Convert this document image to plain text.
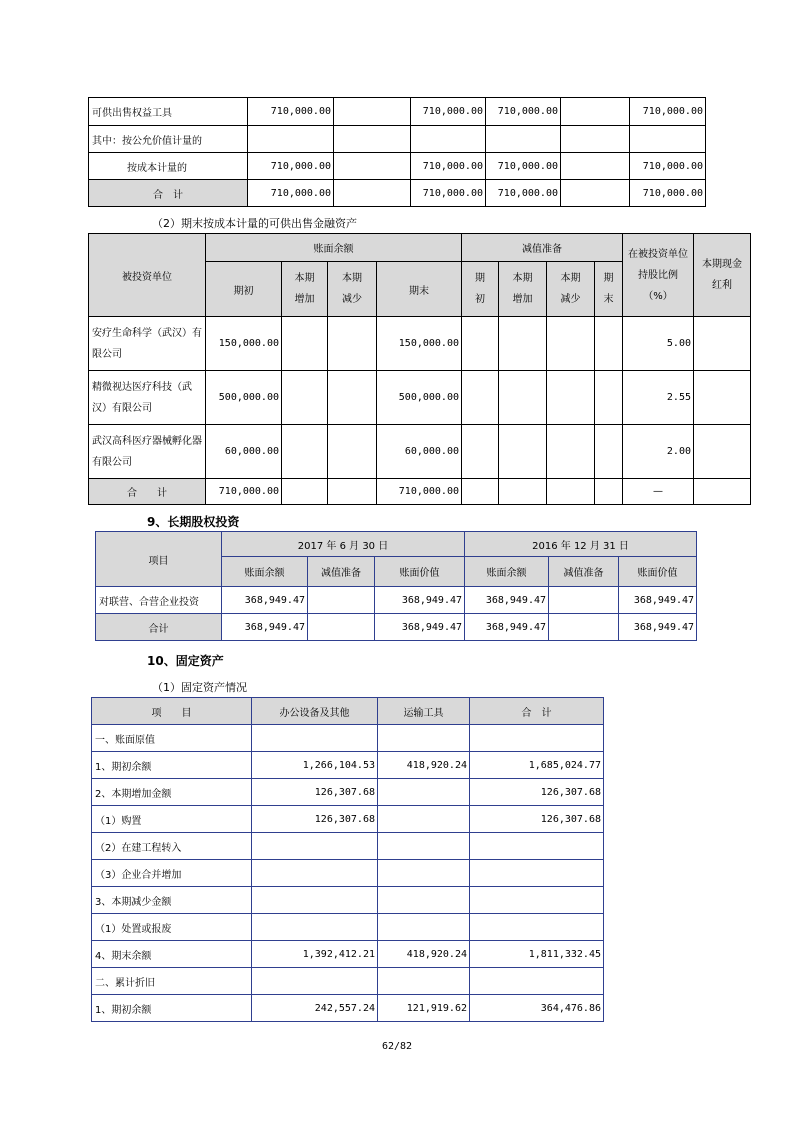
可供出售权益工具	710,000.00		710,000.00	710,000.00		710,000.00
其中：按公允价值计量的						
按成本计量的	710,000.00		710,000.00	710,000.00		710,000.00
合　计	710,000.00		710,000.00	710,000.00		710,000.00
（2）期末按成本计量的可供出售金融资产
被投资单位	账面余额				减值准备				在被投资单位持股比例（%）	本期现金红利
	期初	本期增加	本期减少	期末	期初	本期增加	本期减少	期末		

安疗生命科学（武汉）有限公司	150,000.00			150,000.00					5.00	
精微视达医疗科技（武汉）有限公司	500,000.00			500,000.00					2.55	
武汉高科医疗器械孵化器有限公司	60,000.00			60,000.00					2.00	
合　　计	710,000.00			710,000.00					—	
9、长期股权投资
项目	2017 年 6 月 30 日			2016 年 12 月 31 日		
	账面余额	减值准备	账面价值	账面余额	减值准备	账面价值
对联营、合营企业投资	368,949.47		368,949.47	368,949.47		368,949.47
合计	368,949.47		368,949.47	368,949.47		368,949.47
10、固定资产
（1）固定资产情况
项　　目	办公设备及其他	运输工具	合　计
一、账面原值			
1、期初余额	1,266,104.53	418,920.24	1,685,024.77
2、本期增加金额	126,307.68		126,307.68
（1）购置	126,307.68		126,307.68
（2）在建工程转入			
（3）企业合并增加			
3、本期减少金额			
（1）处置或报废			
4、期末余额	1,392,412.21	418,920.24	1,811,332.45
二、累计折旧			
1、期初余额	242,557.24	121,919.62	364,476.86
62/82
